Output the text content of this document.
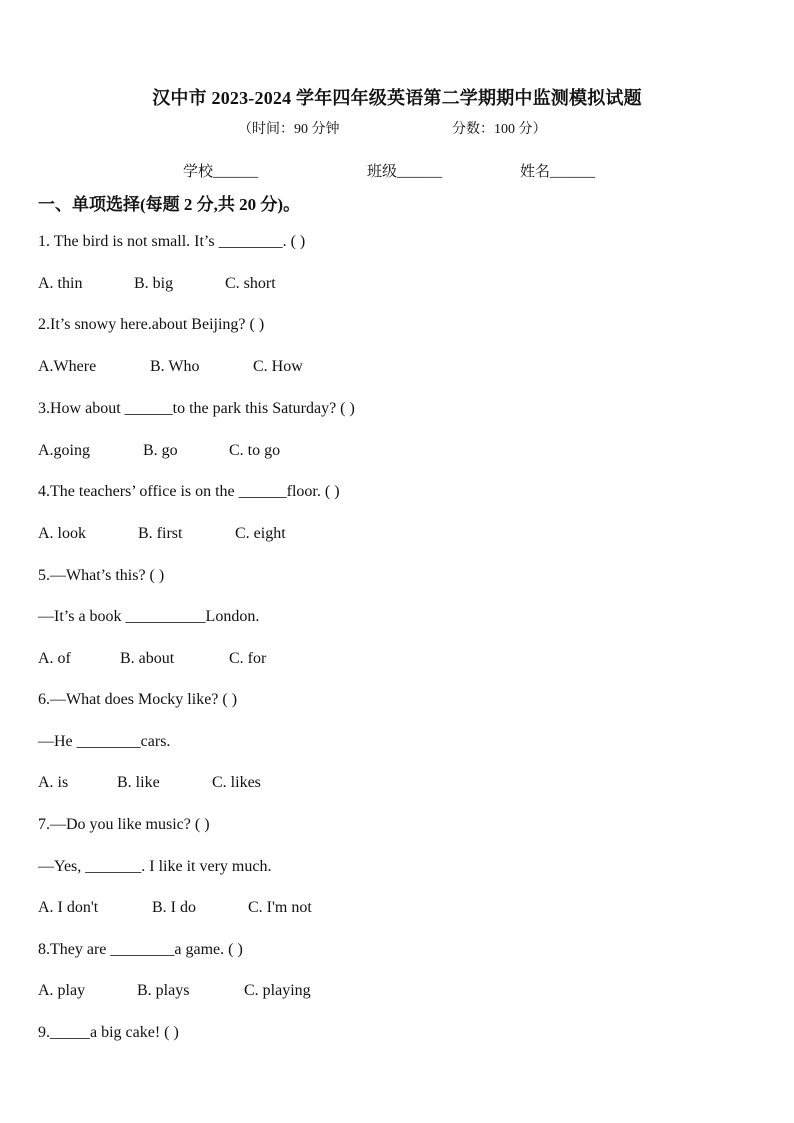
汉中市 2023-2024 学年四年级英语第二学期期中监测模拟试题
（时间：90 分钟	分数：100 分）
学校______	班级______	姓名______
一、单项选择(每题 2 分,共 20 分)。
1. The bird is not small. It’s ________. ( )
A. thin	B. big	C. short
2.It’s snowy here.about Beijing? ( )
A.Where	B. Who	C. How
3.How about ______to the park this Saturday? ( )
A.going	B. go	C. to go
4.The teachers’ office is on the ______floor. ( )
A. look	B. first	C. eight
5.—What’s this? ( )
—It’s a book __________London.
A. of	B. about	C. for
6.—What does Mocky like? ( )
—He ________cars.
A. is	B. like	C. likes
7.—Do you like music? ( )
—Yes, _______. I like it very much.
A. I don't	B. I do	C. I'm not
8.They are ________a game. ( )
A. play	B. plays	C. playing
9._____a big cake! ( )
